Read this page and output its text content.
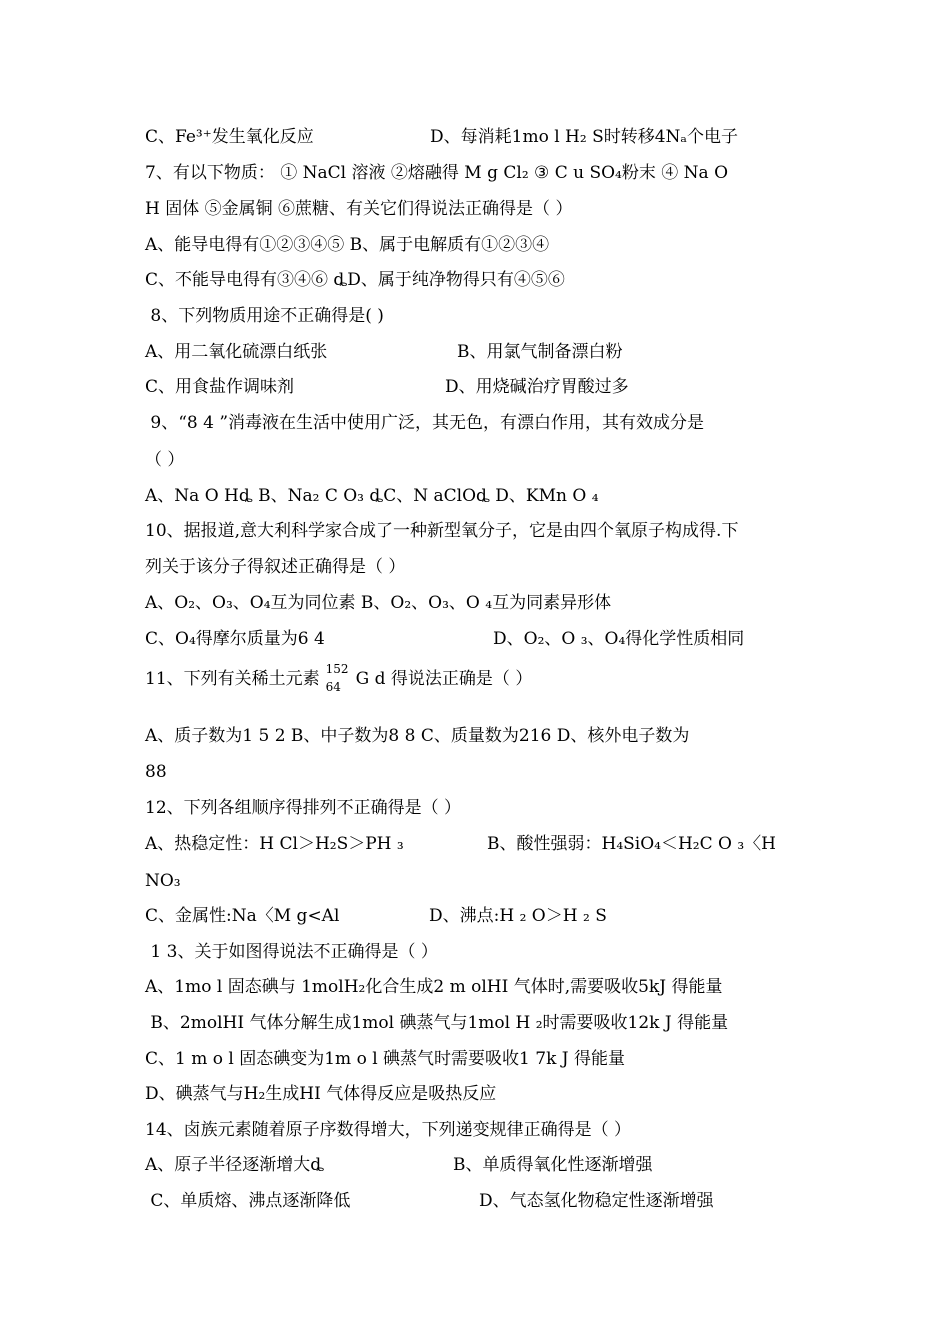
C、Fe³⁺发生氧化反应	D、每消耗1mo l H₂ S时转移4Nₐ个电子
7、有以下物质： ① NaCl 溶液 ②熔融得 M g Cl₂ ③ C u SO₄粉末 ④ Na O
H 固体 ⑤金属铜 ⑥蔗糖、有关它们得说法正确得是（ ）
A、能导电得有①②③④⑤ B、属于电解质有①②③④
C、不能导电得有③④⑥ ȡD、属于纯净物得只有④⑤⑥
8、下列物质用途不正确得是( )
A、用二氧化硫漂白纸张	B、用氯气制备漂白粉
C、用食盐作调味剂	D、用烧碱治疗胃酸过多
9、“8 4 ”消毒液在生活中使用广泛，其无色，有漂白作用，其有效成分是
（ ）
A、Na O Hȡ B、Na₂ C O₃ ȡC、N aClOȡ D、KMn O ₄
10、据报道,意大利科学家合成了一种新型氧分子，它是由四个氧原子构成得.下
列关于该分子得叙述正确得是（ ）
A、O₂、O₃、O₄互为同位素 B、O₂、O₃、O ₄互为同素异形体
C、O₄得摩尔质量为6 4	D、O₂、O ₃、O₄得化学性质相同
11、下列有关稀土元素 152
64 G d 得说法正确是（ ）
A、质子数为1 5 2 B、中子数为8 8 C、质量数为216 D、核外电子数为
88
12、下列各组顺序得排列不正确得是（ ）
A、热稳定性：H Cl＞H₂S＞PH ₃	B、酸性强弱：H₄SiO₄＜H₂C O ₃〈H
NO₃
C、金属性:Na〈M g<Al	D、沸点:H ₂ O＞H ₂ S
1 3、关于如图得说法不正确得是（ ）
A、1mo l 固态碘与 1molH₂化合生成2 m olHI 气体时,需要吸收5kJ 得能量
B、2molHI 气体分解生成1mol 碘蒸气与1mol H ₂时需要吸收12k J 得能量
C、1 m o l 固态碘变为1m o l 碘蒸气时需要吸收1 7k J 得能量
D、碘蒸气与H₂生成HI 气体得反应是吸热反应
14、卤族元素随着原子序数得增大，下列递变规律正确得是（ ）
A、原子半径逐渐增大ȡ	B、单质得氧化性逐渐增强
C、单质熔、沸点逐渐降低	D、气态氢化物稳定性逐渐增强
